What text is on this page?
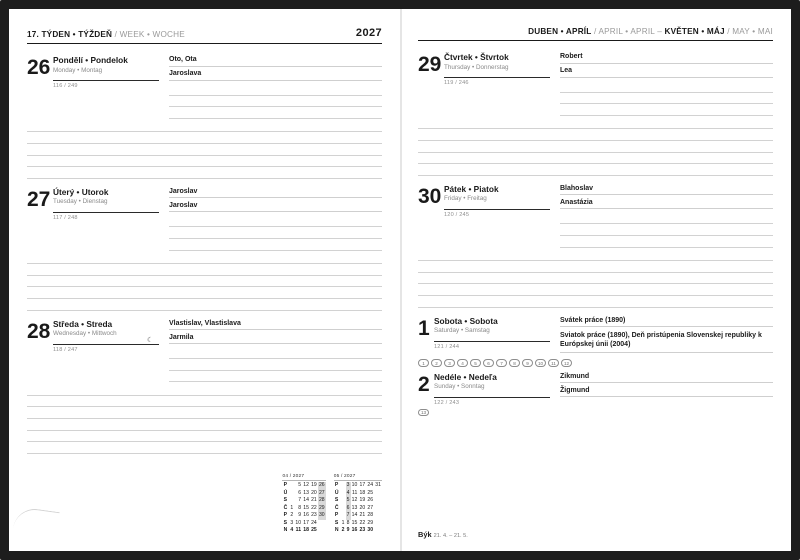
17. TÝDEN • TÝŽDEŇ / WEEK • WOCHE	2027
26 Pondělí • Pondelok
Monday • Montag
116 / 249
Oto, Ota
Jaroslava
27 Úterý • Utorok
Tuesday • Dienstag
117 / 248
Jaroslav
Jaroslav
28 Středa • Streda
Wednesday • Mittwoch
118 / 247
Vlastislav, Vlastislava
Jarmila
☾
04 / 2027
P		5	12	19	26
Ú		6	13	20	27
S		7	14	21	28
Č	1	8	15	22	29
P	2	9	16	23	30
S	3	10	17	24	
N	4	11	18	25	
05 / 2027
P		3	10	17	24	31
Ú		4	11	18	25	
S		5	12	19	26	
Č		6	13	20	27	
P		7	14	21	28	
S	1	8	15	22	29	
N	2	9	16	23	30	
DUBEN • APRÍL / APRIL • APRIL – KVĚTEN • MÁJ / MAY • MAI
29 Čtvrtek • Štvrtok
Thursday • Donnerstag
119 / 246
Robert
Lea
30 Pátek • Piatok
Friday • Freitag
120 / 245
Blahoslav
Anastázia
1 Sobota • Sobota
Saturday • Samstag
121 / 244
Svátek práce (1890)
Sviatok práce (1890), Deň pristúpenia Slovenskej republiky k Európskej únii (2004)
1	2	3	4	5	6	7	8	9	10	11	12
2 Nedéle • Nedeľa
Sunday • Sonntag
122 / 243
Zikmund
Žigmund
13
Býk 21. 4. – 21. 5.
